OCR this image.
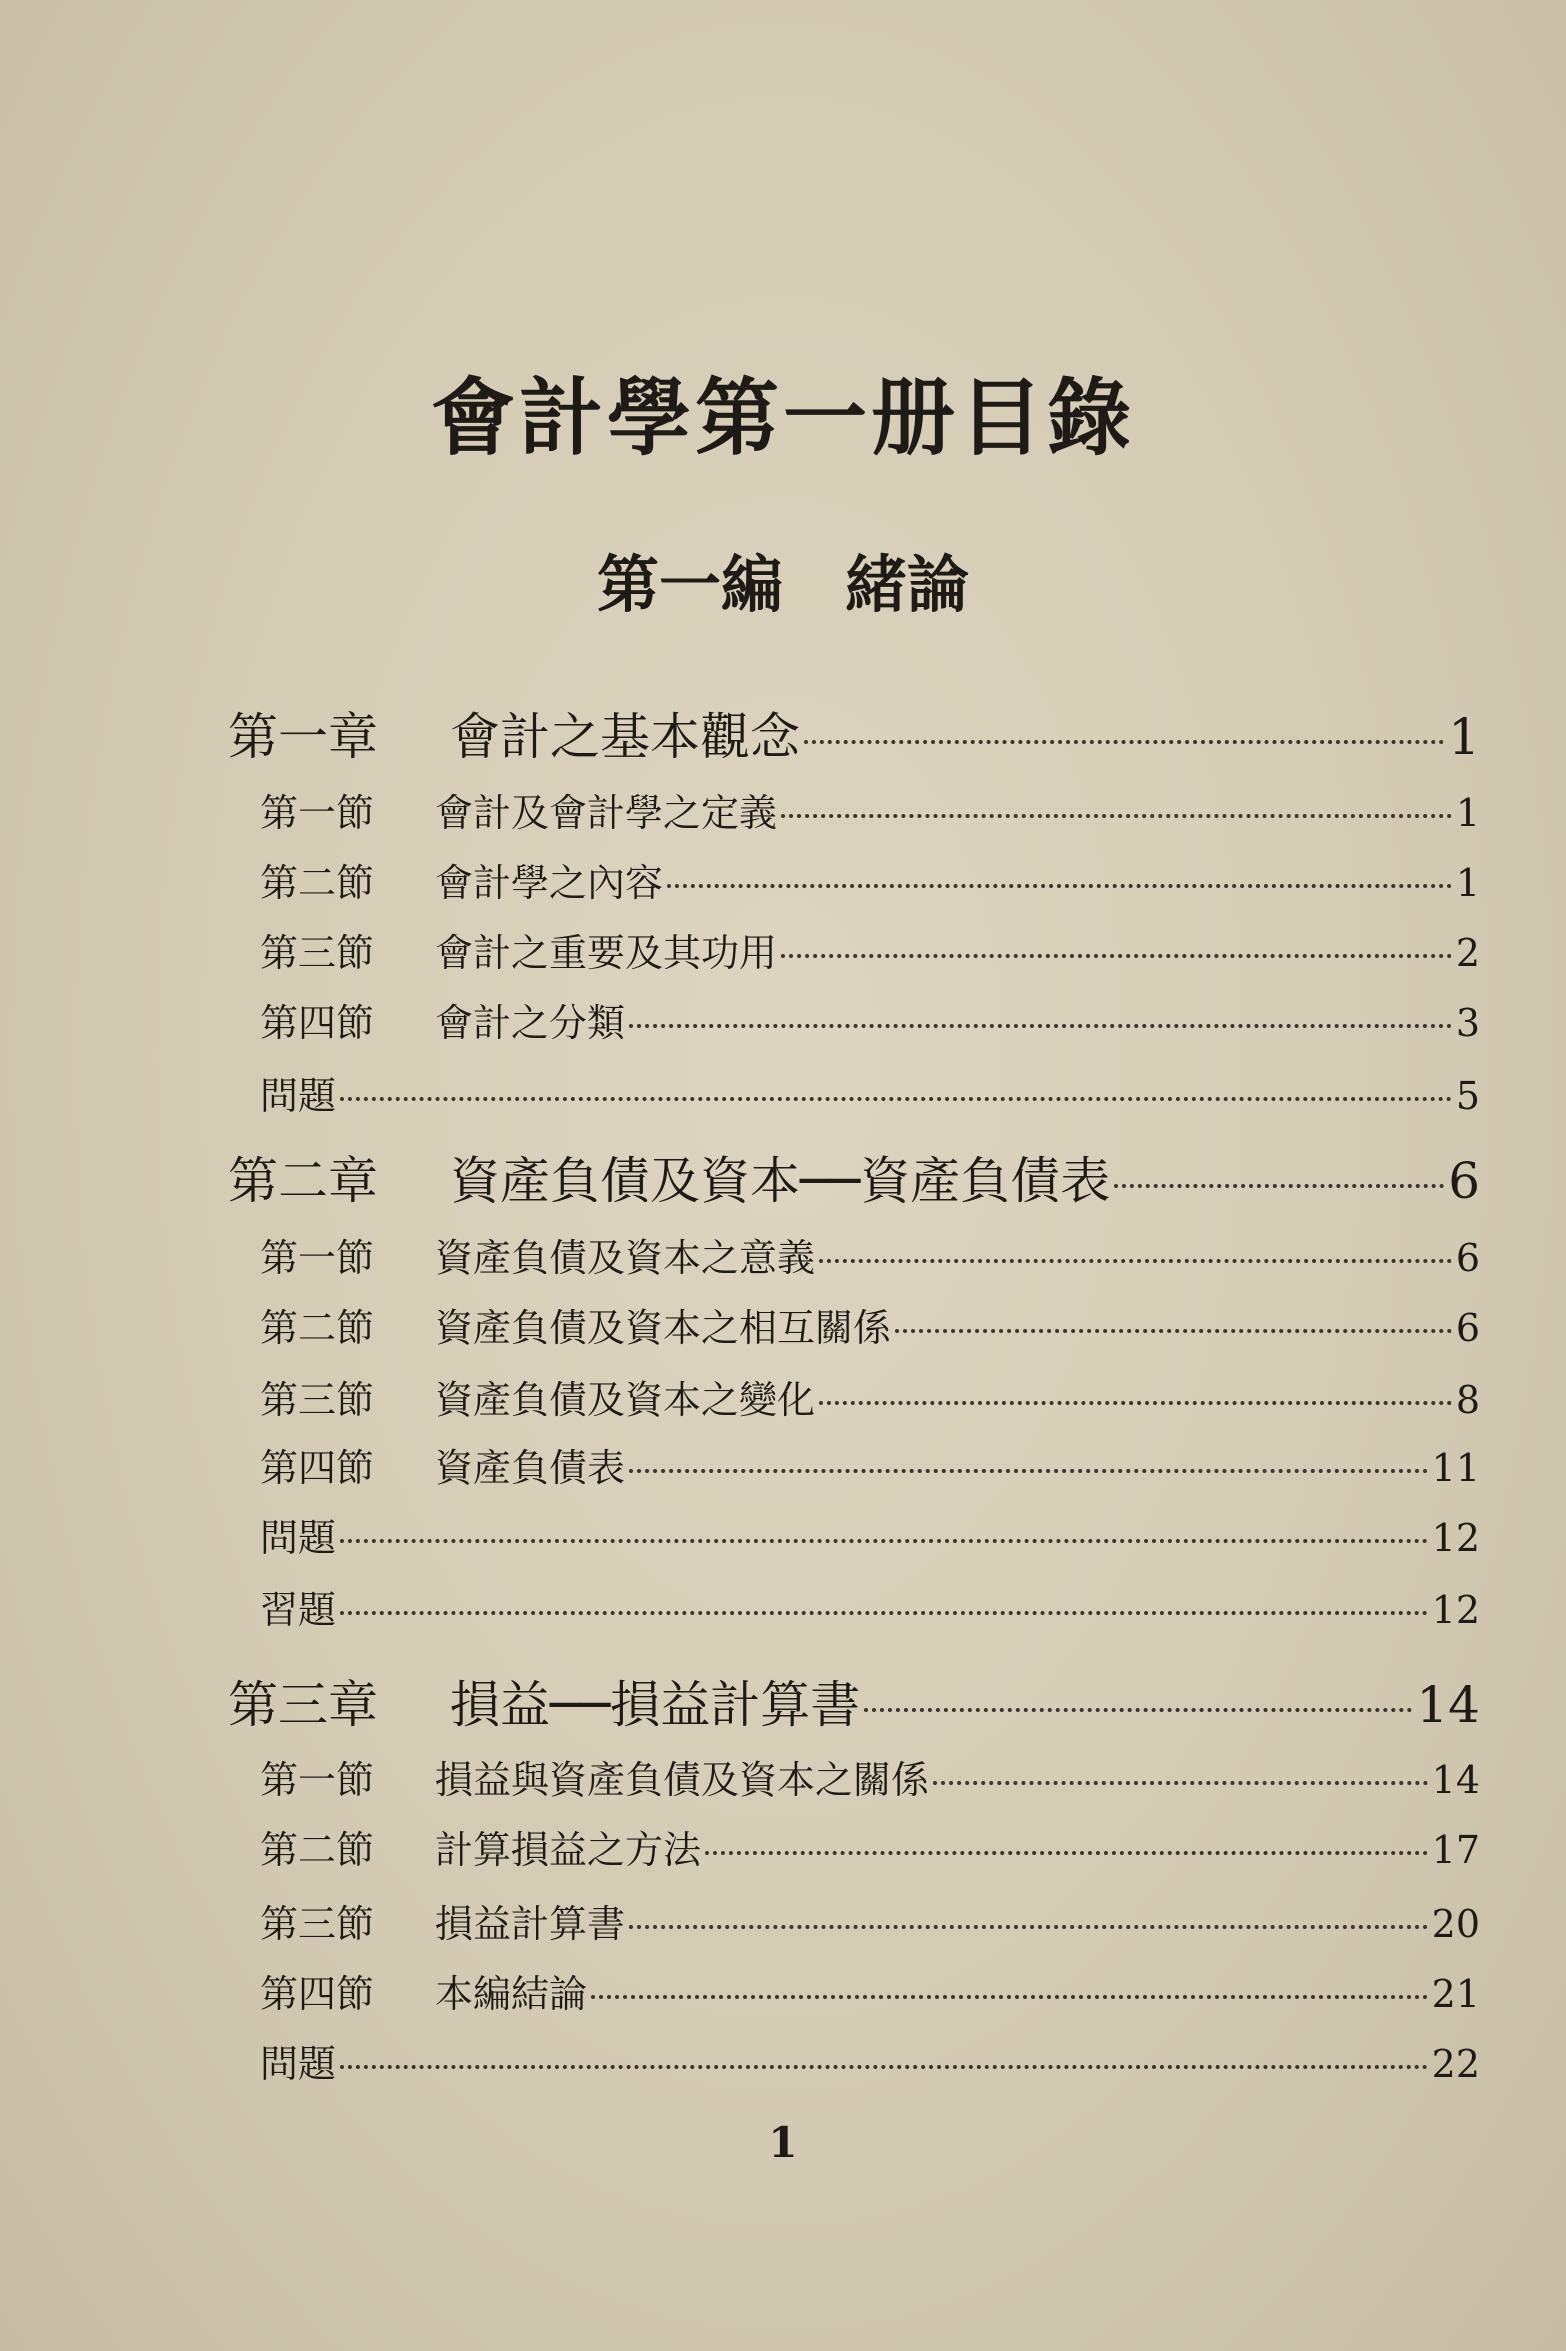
會計學第一册目錄
第一編　緒論
第一章	會計之基本觀念	1
第一節	會計及會計學之定義	1
第二節	會計學之內容	1
第三節	會計之重要及其功用	2
第四節	會計之分類	3
問題	5
第二章	資產負債及資本──資產負債表	6
第一節	資產負債及資本之意義	6
第二節	資產負債及資本之相互關係	6
第三節	資產負債及資本之變化	8
第四節	資產負債表	11
問題	12
習題	12
第三章	損益──損益計算書	14
第一節	損益與資產負債及資本之關係	14
第二節	計算損益之方法	17
第三節	損益計算書	20
第四節	本編結論	21
問題	22
1
